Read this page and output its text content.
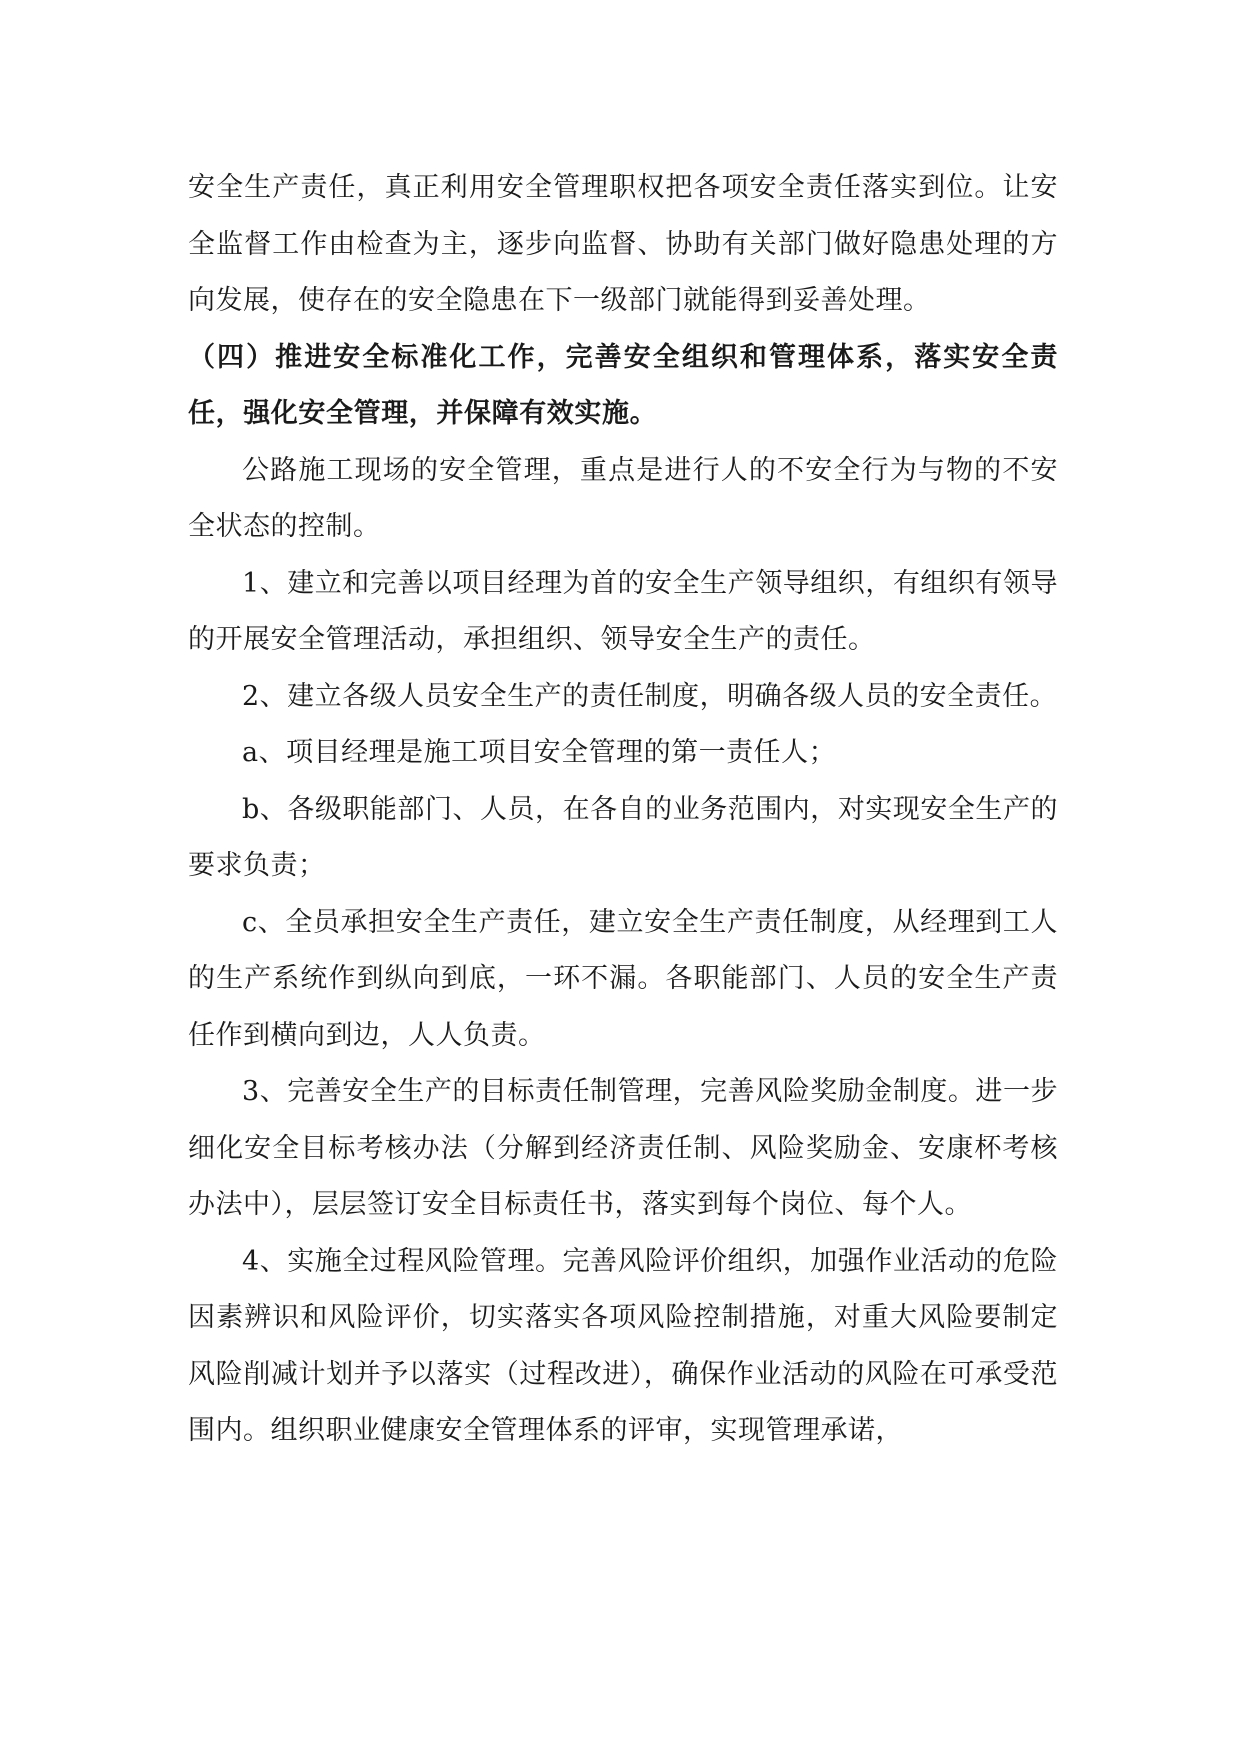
安全生产责任，真正利用安全管理职权把各项安全责任落实到位。让安全监督工作由检查为主，逐步向监督、协助有关部门做好隐患处理的方向发展，使存在的安全隐患在下一级部门就能得到妥善处理。

（四）推进安全标准化工作，完善安全组织和管理体系，落实安全责任，强化安全管理，并保障有效实施。

公路施工现场的安全管理，重点是进行人的不安全行为与物的不安全状态的控制。

1、建立和完善以项目经理为首的安全生产领导组织，有组织有领导的开展安全管理活动，承担组织、领导安全生产的责任。

2、建立各级人员安全生产的责任制度，明确各级人员的安全责任。

a、项目经理是施工项目安全管理的第一责任人；

b、各级职能部门、人员，在各自的业务范围内，对实现安全生产的要求负责；

c、全员承担安全生产责任，建立安全生产责任制度，从经理到工人的生产系统作到纵向到底，一环不漏。各职能部门、人员的安全生产责任作到横向到边，人人负责。

3、完善安全生产的目标责任制管理，完善风险奖励金制度。进一步细化安全目标考核办法（分解到经济责任制、风险奖励金、安康杯考核办法中），层层签订安全目标责任书，落实到每个岗位、每个人。

4、实施全过程风险管理。完善风险评价组织，加强作业活动的危险因素辨识和风险评价，切实落实各项风险控制措施，对重大风险要制定风险削减计划并予以落实（过程改进），确保作业活动的风险在可承受范围内。组织职业健康安全管理体系的评审，实现管理承诺，
